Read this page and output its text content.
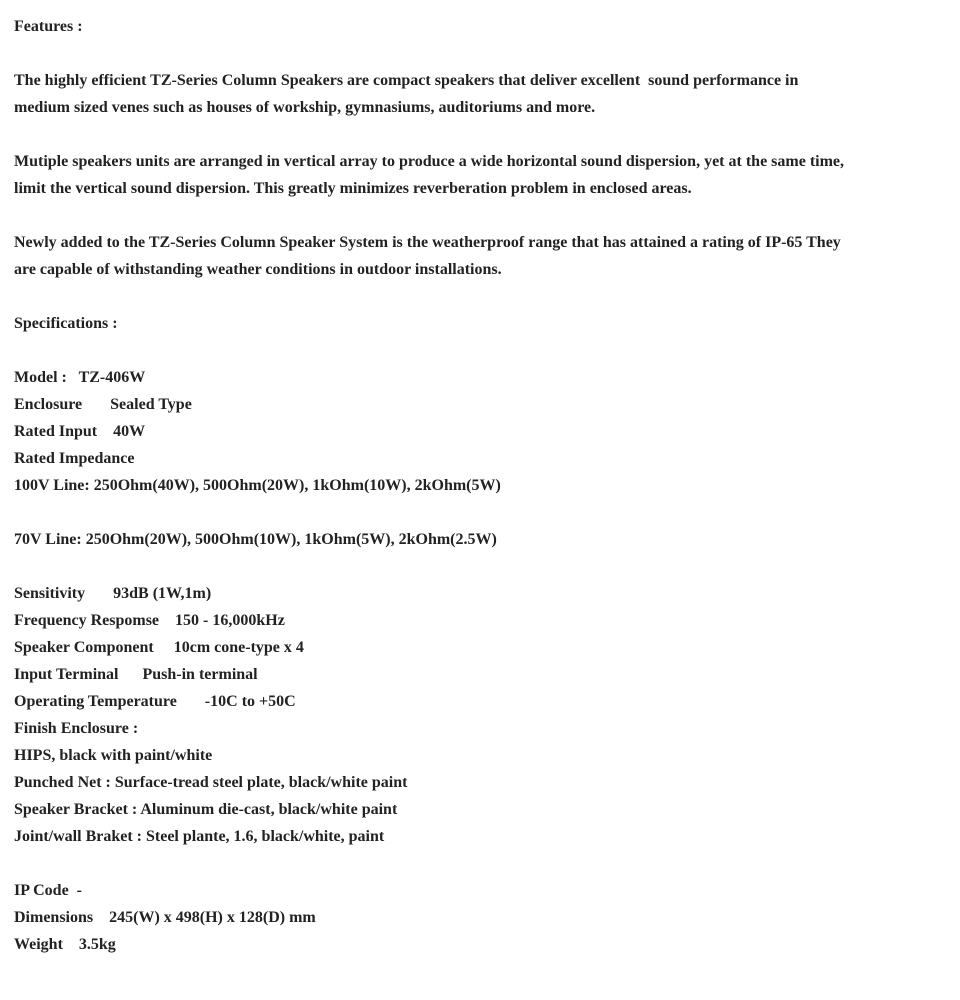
Features :
The highly efficient TZ-Series Column Speakers are compact speakers that deliver excellent  sound performance in
medium sized venes such as houses of workship, gymnasiums, auditoriums and more.
Mutiple speakers units are arranged in vertical array to produce a wide horizontal sound dispersion, yet at the same time,
limit the vertical sound dispersion. This greatly minimizes reverberation problem in enclosed areas.
Newly added to the TZ-Series Column Speaker System is the weatherproof range that has attained a rating of IP-65 They
are capable of withstanding weather conditions in outdoor installations.
Specifications :
Model :   TZ-406W
Enclosure       Sealed Type
Rated Input    40W
Rated Impedance
100V Line: 250Ohm(40W), 500Ohm(20W), 1kOhm(10W), 2kOhm(5W)
70V Line: 250Ohm(20W), 500Ohm(10W), 1kOhm(5W), 2kOhm(2.5W)
Sensitivity       93dB (1W,1m)
Frequency Respomse    150 - 16,000kHz
Speaker Component     10cm cone-type x 4
Input Terminal      Push-in terminal
Operating Temperature       -10C to +50C
Finish Enclosure :
HIPS, black with paint/white
Punched Net : Surface-tread steel plate, black/white paint
Speaker Bracket : Aluminum die-cast, black/white paint
Joint/wall Braket : Steel plante, 1.6, black/white, paint
IP Code  -
Dimensions    245(W) x 498(H) x 128(D) mm
Weight    3.5kg
